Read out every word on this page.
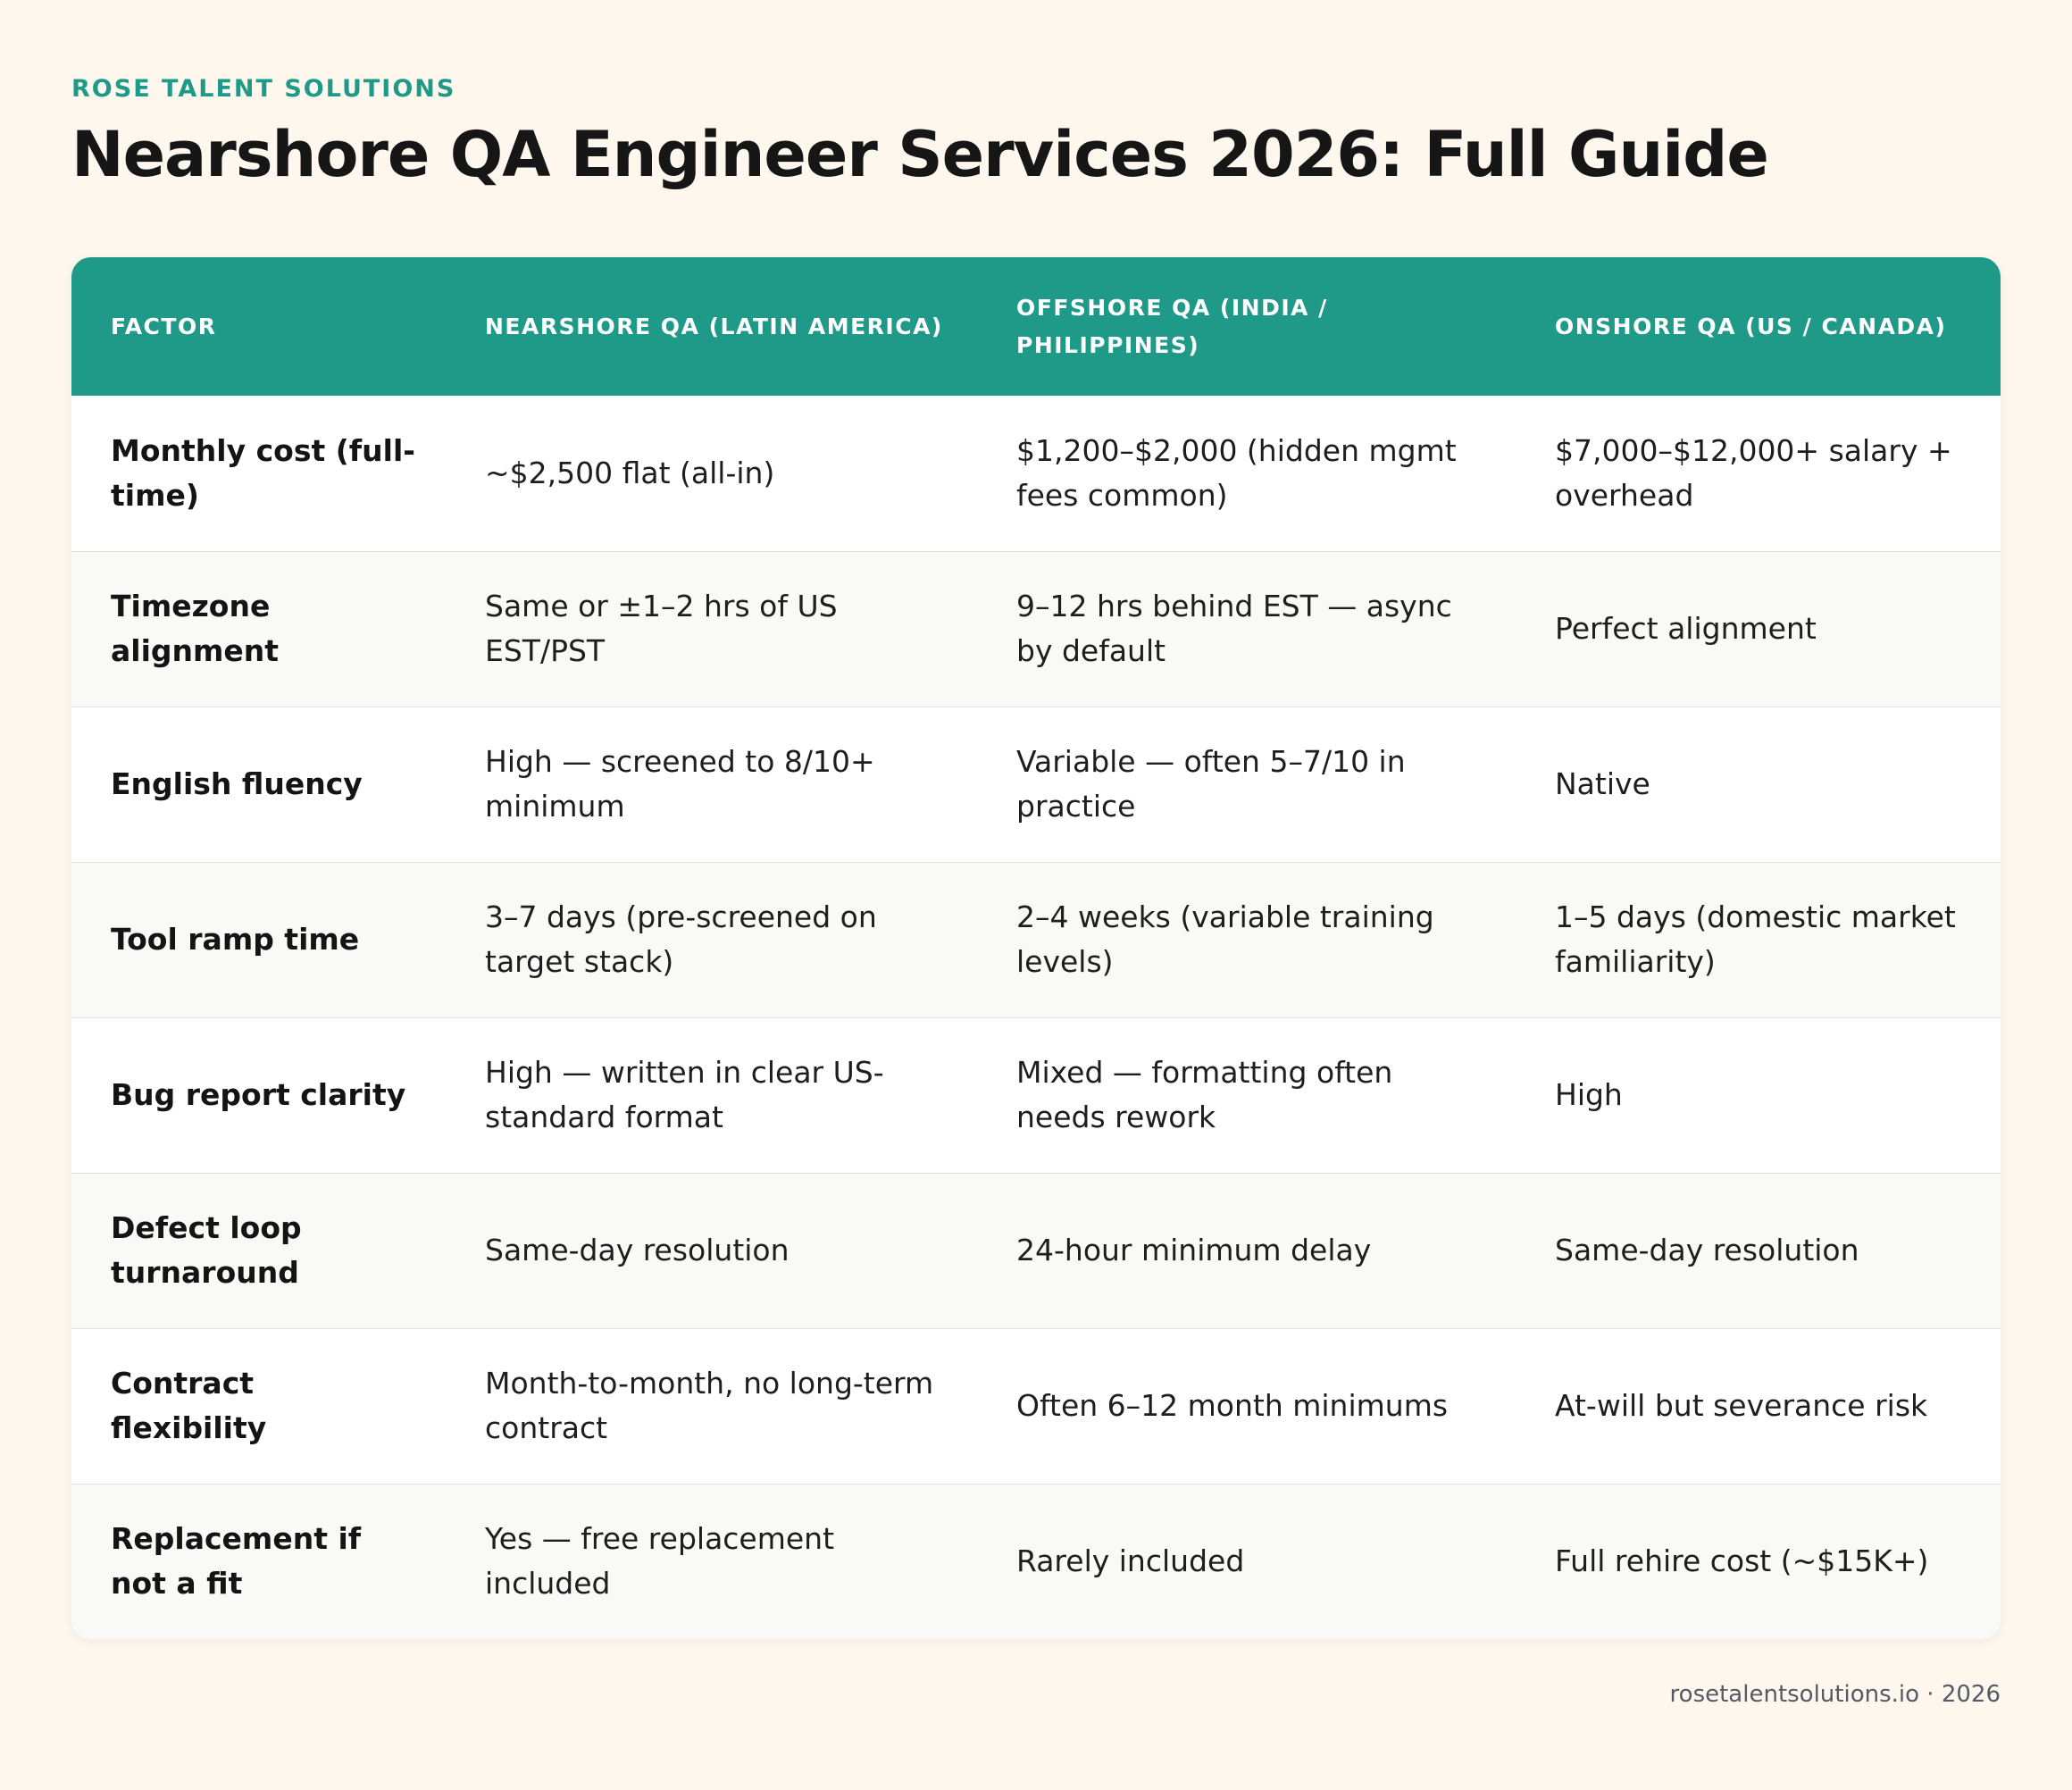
ROSE TALENT SOLUTIONS
Nearshore QA Engineer Services 2026: Full Guide
FACTOR	NEARSHORE QA (LATIN AMERICA)	OFFSHORE QA (INDIA / PHILIPPINES)	ONSHORE QA (US / CANADA)
Monthly cost (full-time)	~$2,500 flat (all-in)	$1,200–$2,000 (hidden mgmt fees common)	$7,000–$12,000+ salary + overhead
Timezone alignment	Same or ±1–2 hrs of US EST/PST	9–12 hrs behind EST — async by default	Perfect alignment
English fluency	High — screened to 8/10+ minimum	Variable — often 5–7/10 in practice	Native
Tool ramp time	3–7 days (pre-screened on target stack)	2–4 weeks (variable training levels)	1–5 days (domestic market familiarity)
Bug report clarity	High — written in clear US-standard format	Mixed — formatting often needs rework	High
Defect loop turnaround	Same-day resolution	24-hour minimum delay	Same-day resolution
Contract flexibility	Month-to-month, no long-term contract	Often 6–12 month minimums	At-will but severance risk
Replacement if not a fit	Yes — free replacement included	Rarely included	Full rehire cost (~$15K+)
rosetalentsolutions.io · 2026
